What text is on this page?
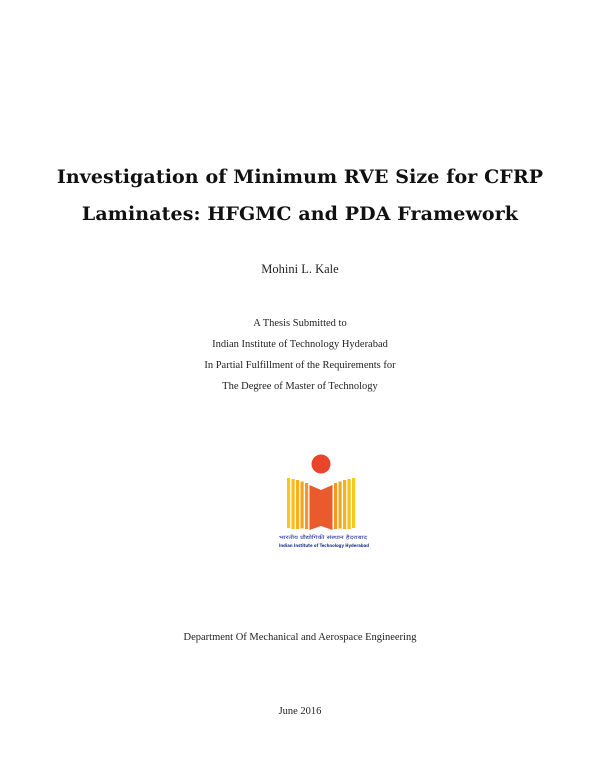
Investigation of Minimum RVE Size for CFRP
Laminates: HFGMC and PDA Framework
Mohini L. Kale
A Thesis Submitted to
Indian Institute of Technology Hyderabad
In Partial Fulfillment of the Requirements for
The Degree of Master of Technology
भारतीय प्रौद्योगिकी संस्थान हैदराबाद
Indian Institute of Technology Hyderabad
Department Of Mechanical and Aerospace Engineering
June 2016
